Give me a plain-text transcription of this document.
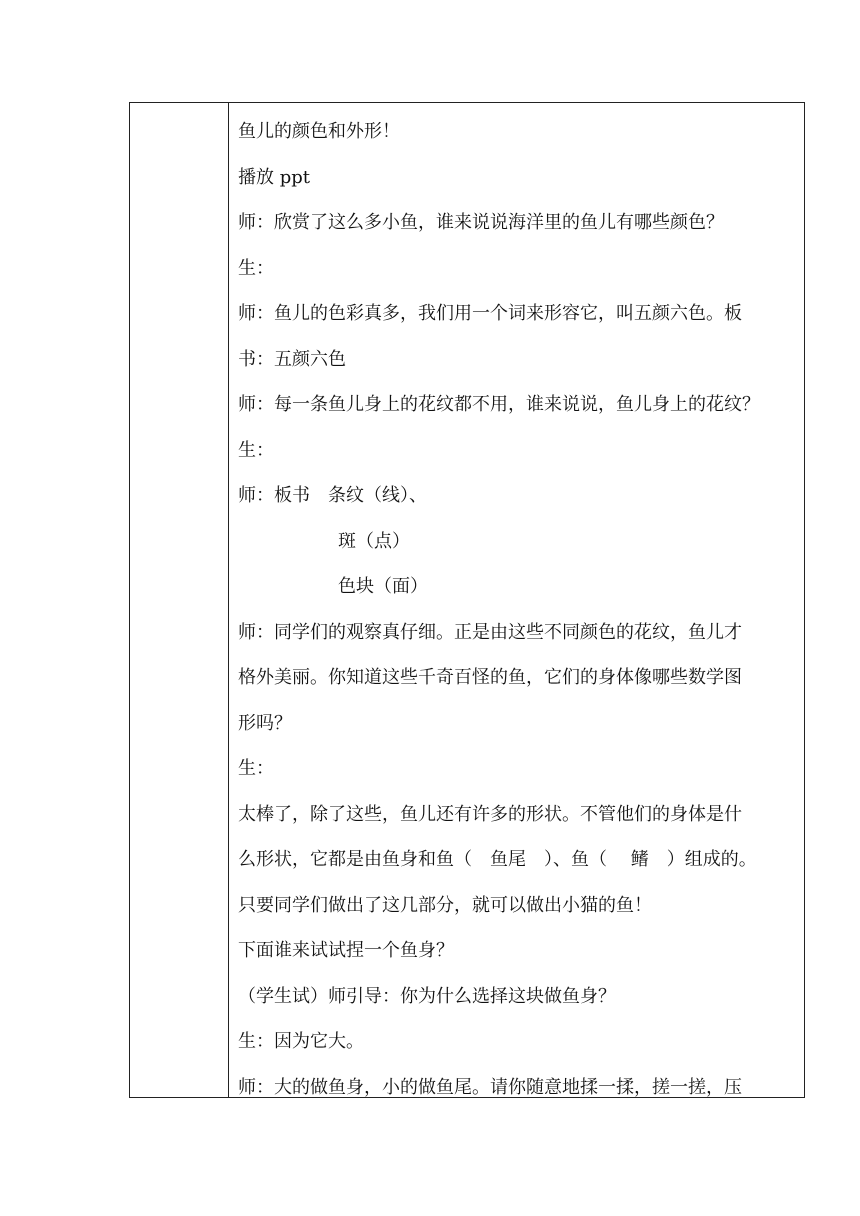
鱼儿的颜色和外形！
播放 ppt
师：欣赏了这么多小鱼，谁来说说海洋里的鱼儿有哪些颜色？
生：
师：鱼儿的色彩真多，我们用一个词来形容它，叫五颜六色。板
书：五颜六色
师：每一条鱼儿身上的花纹都不用，谁来说说，鱼儿身上的花纹？
生：
师：板书　条纹（线）、
斑（点）
色块（面）
师：同学们的观察真仔细。正是由这些不同颜色的花纹，鱼儿才
格外美丽。你知道这些千奇百怪的鱼，它们的身体像哪些数学图
形吗？
生：
太棒了，除了这些，鱼儿还有许多的形状。不管他们的身体是什
么形状，它都是由鱼身和鱼（　鱼尾　）、鱼（　 鳍　）组成的。
只要同学们做出了这几部分，就可以做出小猫的鱼！
下面谁来试试捏一个鱼身？
（学生试）师引导：你为什么选择这块做鱼身？
生：因为它大。
师：大的做鱼身，小的做鱼尾。请你随意地揉一揉，搓一搓，压
